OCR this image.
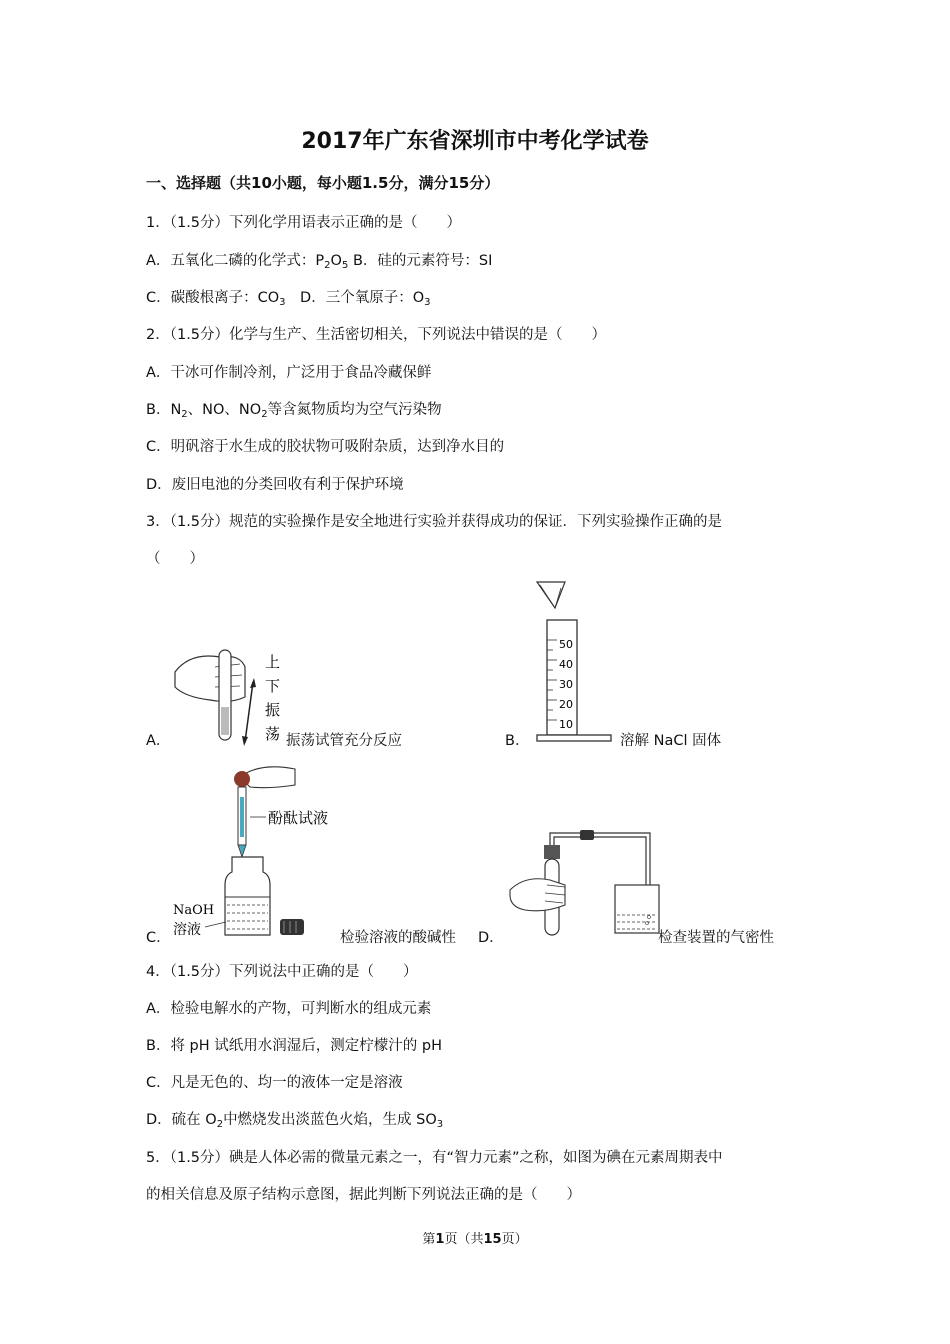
2017年广东省深圳市中考化学试卷
一、选择题（共10小题，每小题1.5分，满分15分）
1．（1.5分）下列化学用语表示正确的是（　　）
A．五氧化二磷的化学式：$P_2O_5$ B．硅的元素符号：SI
C．碳酸根离子：$CO_3$　D．三个氧原子：$O_3$
2．（1.5分）化学与生产、生活密切相关，下列说法中错误的是（　　）
A．干冰可作制冷剂，广泛用于食品冷藏保鲜
B．$N_2$、NO、$NO_2$等含氮物质均为空气污染物
C．明矾溶于水生成的胶状物可吸附杂质，达到净水目的
D．废旧电池的分类回收有利于保护环境
3．（1.5分）规范的实验操作是安全地进行实验并获得成功的保证．下列实验操作正确的是
（　　）
A．
上
下
振
荡 振荡试管充分反应	B．
50
40
30
20
10
溶解 NaCl 固体
C．
酚酞试液
NaOH
溶液	检验溶液的酸碱性 D．	检查装置的气密性
4．（1.5分）下列说法中正确的是（　　）
A．检验电解水的产物，可判断水的组成元素
B．将 pH 试纸用水润湿后，测定柠檬汁的 pH
C．凡是无色的、均一的液体一定是溶液
D．硫在 $O_2$中燃烧发出淡蓝色火焰，生成 $SO_3$
5．（1.5分）碘是人体必需的微量元素之一，有“智力元素”之称，如图为碘在元素周期表中
的相关信息及原子结构示意图，据此判断下列说法正确的是（　　）
第1页（共15页）
